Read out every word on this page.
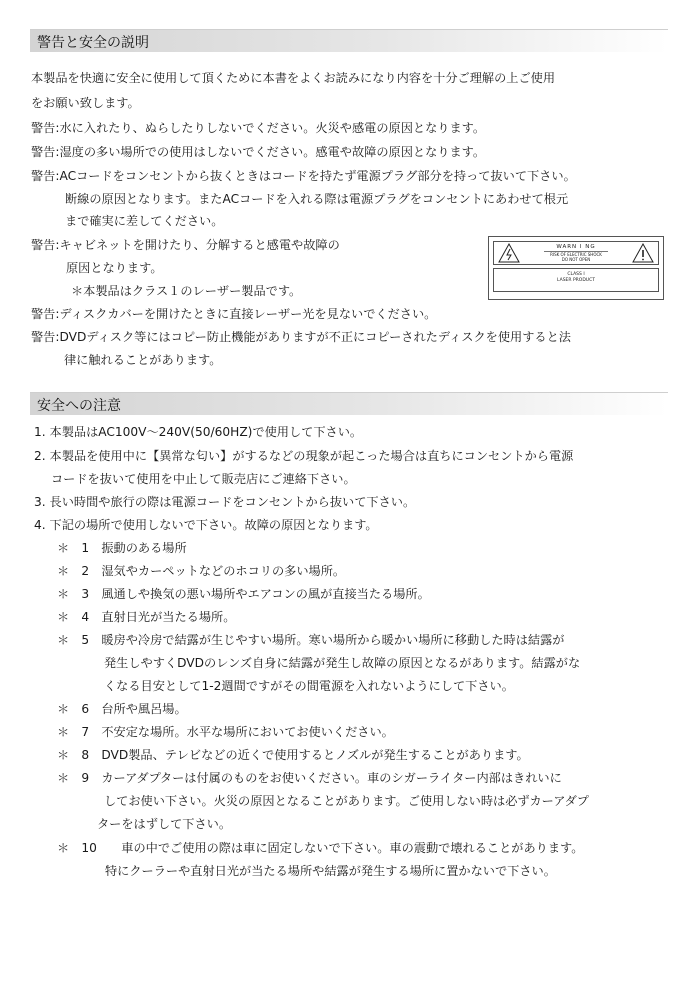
警告と安全の説明
本製品を快適に安全に使用して頂くために本書をよくお読みになり内容を十分ご理解の上ご使用
をお願い致します。
警告:水に入れたり、ぬらしたりしないでください。火災や感電の原因となります。
警告:湿度の多い場所での使用はしないでください。感電や故障の原因となります。
警告:ACコードをコンセントから抜くときはコードを持たず電源プラグ部分を持って抜いて下さい。
断線の原因となります。またACコードを入れる際は電源プラグをコンセントにあわせて根元
まで確実に差してください。
警告:キャビネットを開けたり、分解すると感電や故障の
原因となります。
＊本製品はクラス１のレーザー製品です。
警告:ディスクカバーを開けたときに直接レーザー光を見ないでください。
警告:DVDディスク等にはコピー防止機能がありますが不正にコピーされたディスクを使用すると法
律に触れることがあります。
WARN I NG
RISK OF ELECTRIC SHOCK
DO NOT OPEN
CLASS I
LASER PRODUCT
安全への注意
1. 本製品はAC100V～240V(50/60HZ)で使用して下さい。
2. 本製品を使用中に【異常な匂い】がするなどの現象が起こった場合は直ちにコンセントから電源
コードを抜いて使用を中止して販売店にご連絡下さい。
3. 長い時間や旅行の際は電源コードをコンセントから抜いて下さい。
4. 下記の場所で使用しないで下さい。故障の原因となります。
＊　1　振動のある場所
＊　2　湿気やカーペットなどのホコリの多い場所。
＊　3　風通しや換気の悪い場所やエアコンの風が直接当たる場所。
＊　4　直射日光が当たる場所。
＊　5　暖房や冷房で結露が生じやすい場所。寒い場所から暖かい場所に移動した時は結露が
発生しやすくDVDのレンズ自身に結露が発生し故障の原因となるがあります。結露がな
くなる目安として1-2週間ですがその間電源を入れないようにして下さい。
＊　6　台所や風呂場。
＊　7　不安定な場所。水平な場所においてお使いください。
＊　8　DVD製品、テレビなどの近くで使用するとノズルが発生することがあります。
＊　9　カーアダプターは付属のものをお使いください。車のシガーライター内部はきれいに
してお使い下さい。火災の原因となることがあります。ご使用しない時は必ずカーアダプ
ターをはずして下さい。
＊　10　　車の中でご使用の際は車に固定しないで下さい。車の震動で壊れることがあります。
特にクーラーや直射日光が当たる場所や結露が発生する場所に置かないで下さい。
